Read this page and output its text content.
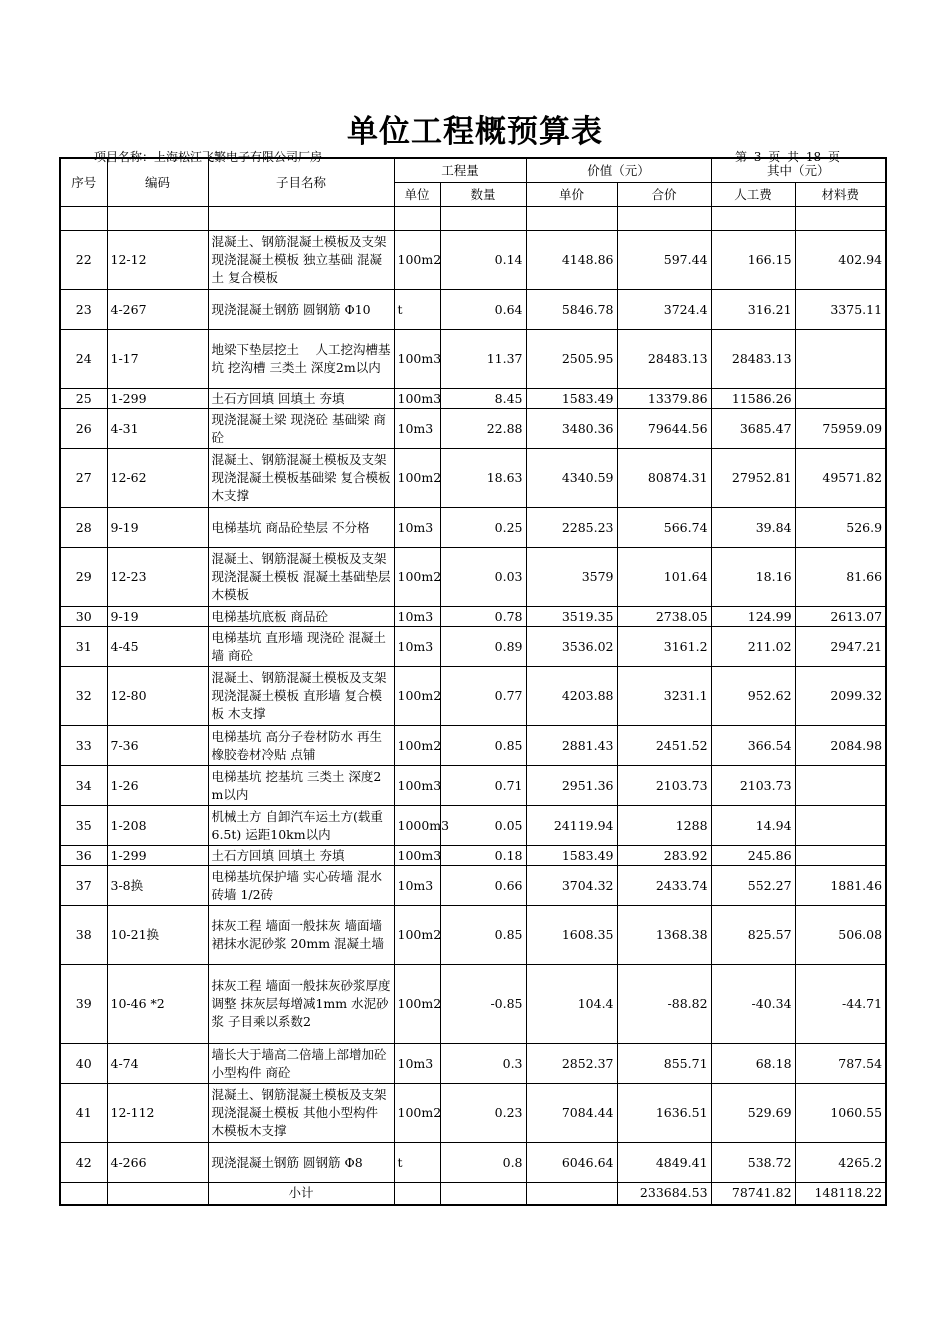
单位工程概预算表
项目名称：上海松江飞繁电子有限公司厂房	第 3 页 共 18 页
序号	编码	子目名称	工程量		价值（元）		其中（元）	
			单位	数量	单价	合价	人工费	材料费

22	12-12	混凝土、钢筋混凝土模板及支架现浇混凝土模板 独立基础 混凝土 复合模板	100m2	0.14	4148.86	597.44	166.15	402.94
23	4-267	现浇混凝土钢筋 圆钢筋 Φ10	t	0.64	5846.78	3724.4	316.21	3375.11
24	1-17	地梁下垫层挖土　 人工挖沟槽基坑 挖沟槽 三类土 深度2m以内	100m3	11.37	2505.95	28483.13	28483.13	
25	1-299	土石方回填 回填土 夯填	100m3	8.45	1583.49	13379.86	11586.26	
26	4-31	现浇混凝土梁 现浇砼 基础梁 商砼	10m3	22.88	3480.36	79644.56	3685.47	75959.09
27	12-62	混凝土、钢筋混凝土模板及支架现浇混凝土模板基础梁 复合模板 木支撑	100m2	18.63	4340.59	80874.31	27952.81	49571.82
28	9-19	电梯基坑 商品砼垫层 不分格	10m3	0.25	2285.23	566.74	39.84	526.9
29	12-23	混凝土、钢筋混凝土模板及支架现浇混凝土模板 混凝土基础垫层 木模板	100m2	0.03	3579	101.64	18.16	81.66
30	9-19	电梯基坑底板 商品砼	10m3	0.78	3519.35	2738.05	124.99	2613.07
31	4-45	电梯基坑 直形墙 现浇砼 混凝土墙 商砼	10m3	0.89	3536.02	3161.2	211.02	2947.21
32	12-80	混凝土、钢筋混凝土模板及支架现浇混凝土模板 直形墙 复合模板 木支撑	100m2	0.77	4203.88	3231.1	952.62	2099.32
33	7-36	电梯基坑 高分子卷材防水 再生橡胶卷材冷贴 点铺	100m2	0.85	2881.43	2451.52	366.54	2084.98
34	1-26	电梯基坑 挖基坑 三类土 深度2m以内	100m3	0.71	2951.36	2103.73	2103.73	
35	1-208	机械土方 自卸汽车运土方(载重6.5t) 运距10km以内	1000m3	0.05	24119.94	1288	14.94	
36	1-299	土石方回填 回填土 夯填	100m3	0.18	1583.49	283.92	245.86	
37	3-8换	电梯基坑保护墙 实心砖墙 混水砖墙 1/2砖	10m3	0.66	3704.32	2433.74	552.27	1881.46
38	10-21换	抹灰工程 墙面一般抹灰 墙面墙裙抹水泥砂浆 20mm 混凝土墙	100m2	0.85	1608.35	1368.38	825.57	506.08
39	10-46 *2	抹灰工程 墙面一般抹灰砂浆厚度调整 抹灰层每增减1mm 水泥砂浆 子目乘以系数2	100m2	-0.85	104.4	-88.82	-40.34	-44.71
40	4-74	墙长大于墙高二倍墙上部增加砼 小型构件 商砼	10m3	0.3	2852.37	855.71	68.18	787.54
41	12-112	混凝土、钢筋混凝土模板及支架现浇混凝土模板 其他小型构件 木模板木支撑	100m2	0.23	7084.44	1636.51	529.69	1060.55
42	4-266	现浇混凝土钢筋 圆钢筋 Φ8	t	0.8	6046.64	4849.41	538.72	4265.2
		小计				233684.53	78741.82	148118.22
